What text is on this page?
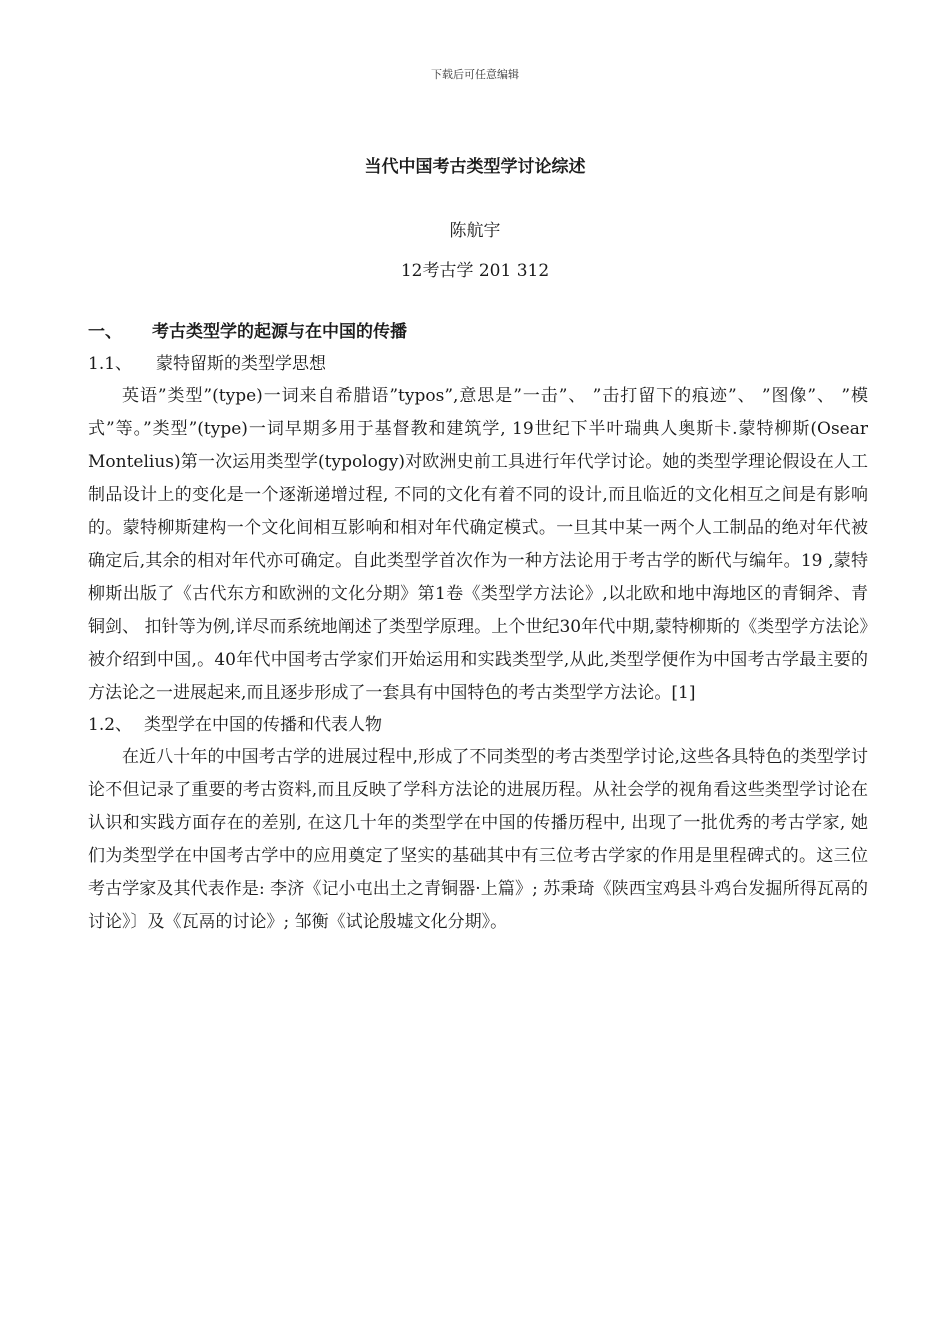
下载后可任意编辑
当代中国考古类型学讨论综述
陈航宇
12考古学 201 312
一、 考古类型学的起源与在中国的传播
1.1、 蒙特留斯的类型学思想

英语”类型”(type)一词来自希腊语”typos”,意思是”一击”、 ”击打留下的痕迹”、 ”图像”、 ”模式”等。”类型”(type)一词早期多用于基督教和建筑学, 19世纪下半叶瑞典人奥斯卡.蒙特柳斯(Osear Montelius)第一次运用类型学(typology)对欧洲史前工具进行年代学讨论。她的类型学理论假设在人工制品设计上的变化是一个逐渐递增过程, 不同的文化有着不同的设计,而且临近的文化相互之间是有影响的。蒙特柳斯建构一个文化间相互影响和相对年代确定模式。一旦其中某一两个人工制品的绝对年代被确定后,其余的相对年代亦可确定。自此类型学首次作为一种方法论用于考古学的断代与编年。19 ,蒙特柳斯出版了《古代东方和欧洲的文化分期》第1卷《类型学方法论》,以北欧和地中海地区的青铜斧、青铜剑、 扣针等为例,详尽而系统地阐述了类型学原理。上个世纪30年代中期,蒙特柳斯的《类型学方法论》被介绍到中国,。40年代中国考古学家们开始运用和实践类型学,从此,类型学便作为中国考古学最主要的方法论之一进展起来,而且逐步形成了一套具有中国特色的考古类型学方法论。[1]

1.2、 类型学在中国的传播和代表人物

在近八十年的中国考古学的进展过程中,形成了不同类型的考古类型学讨论,这些各具特色的类型学讨论不但记录了重要的考古资料,而且反映了学科方法论的进展历程。从社会学的视角看这些类型学讨论在认识和实践方面存在的差别, 在这几十年的类型学在中国的传播历程中, 出现了一批优秀的考古学家, 她们为类型学在中国考古学中的应用奠定了坚实的基础其中有三位考古学家的作用是里程碑式的。这三位考古学家及其代表作是: 李济《记小屯出土之青铜器·上篇》; 苏秉琦《陕西宝鸡县斗鸡台发掘所得瓦鬲的讨论》〕及《瓦鬲的讨论》; 邹衡《试论殷墟文化分期》。
